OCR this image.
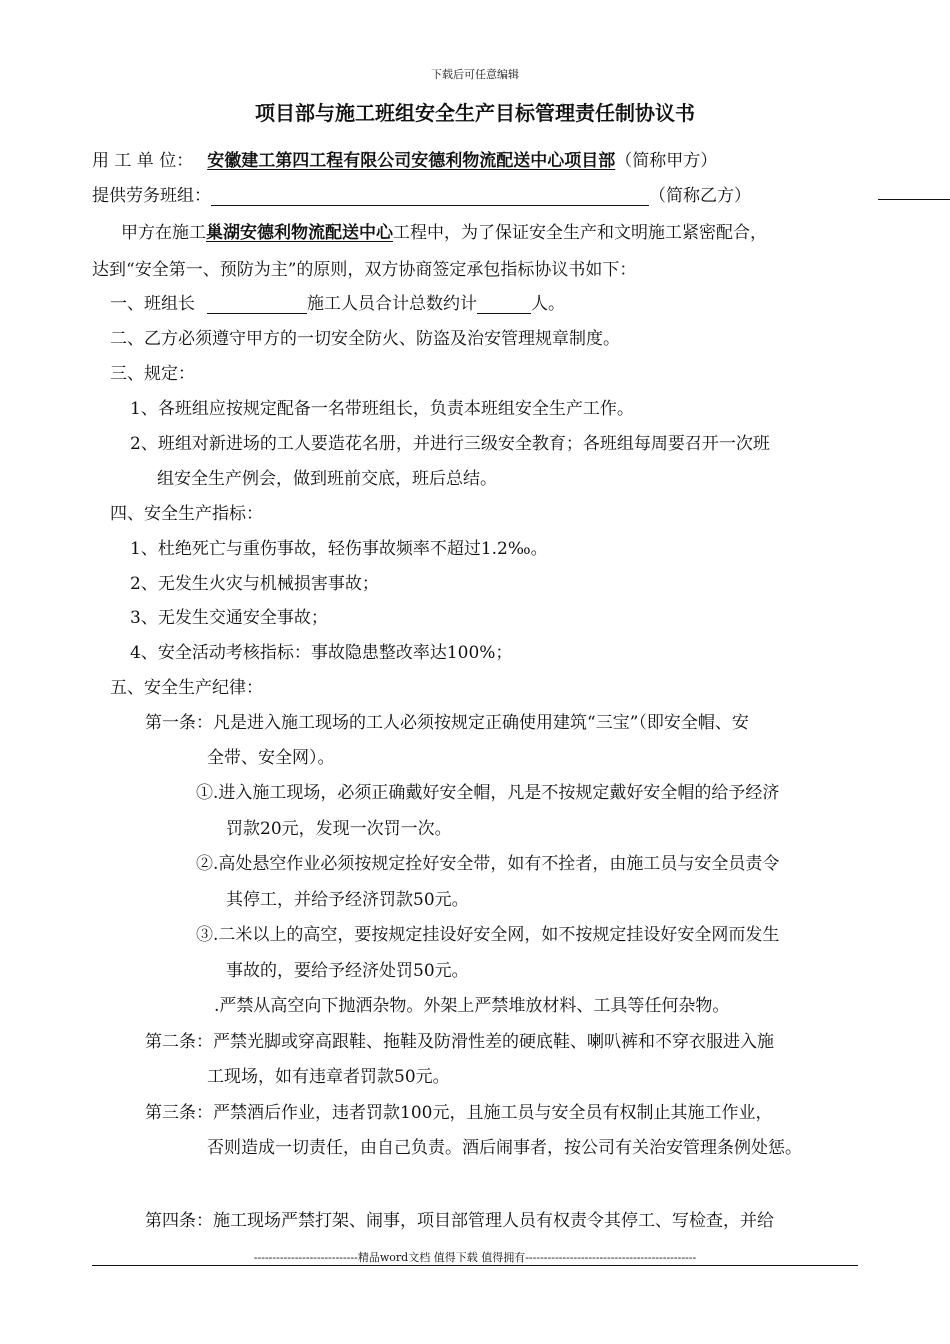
下载后可任意编辑
项目部与施工班组安全生产目标管理责任制协议书
用 工 单 位： 安徽建工第四工程有限公司安德利物流配送中心项目部（简称甲方）
提供劳务班组：	（简称乙方）
甲方在施工巢湖安德利物流配送中心工程中，为了保证安全生产和文明施工紧密配合，
达到“安全第一、预防为主”的原则，双方协商签定承包指标协议书如下：
一、班组长	施工人员合计总数约计	人。
二、乙方必须遵守甲方的一切安全防火、防盗及治安管理规章制度。
三、规定：
1、各班组应按规定配备一名带班组长，负责本班组安全生产工作。
2、班组对新进场的工人要造花名册，并进行三级安全教育；各班组每周要召开一次班
组安全生产例会，做到班前交底，班后总结。
四、安全生产指标：
1、杜绝死亡与重伤事故，轻伤事故频率不超过1.2‰。
2、无发生火灾与机械损害事故；
3、无发生交通安全事故；
4、安全活动考核指标：事故隐患整改率达100%；
五、安全生产纪律：
第一条：凡是进入施工现场的工人必须按规定正确使用建筑“三宝”（即安全帽、安
全带、安全网）。
①.进入施工现场，必须正确戴好安全帽，凡是不按规定戴好安全帽的给予经济
罚款20元，发现一次罚一次。
②.高处悬空作业必须按规定拴好安全带，如有不拴者，由施工员与安全员责令
其停工，并给予经济罚款50元。
③.二米以上的高空，要按规定挂设好安全网，如不按规定挂设好安全网而发生
事故的，要给予经济处罚50元。
.严禁从高空向下抛洒杂物。外架上严禁堆放材料、工具等任何杂物。
第二条：严禁光脚或穿高跟鞋、拖鞋及防滑性差的硬底鞋、喇叭裤和不穿衣服进入施
工现场，如有违章者罚款50元。
第三条：严禁酒后作业，违者罚款100元，且施工员与安全员有权制止其施工作业，
否则造成一切责任，由自己负责。酒后闹事者，按公司有关治安管理条例处惩。
第四条：施工现场严禁打架、闹事，项目部管理人员有权责令其停工、写检查，并给
----------------------------精品word文档 值得下载 值得拥有----------------------------------------------
